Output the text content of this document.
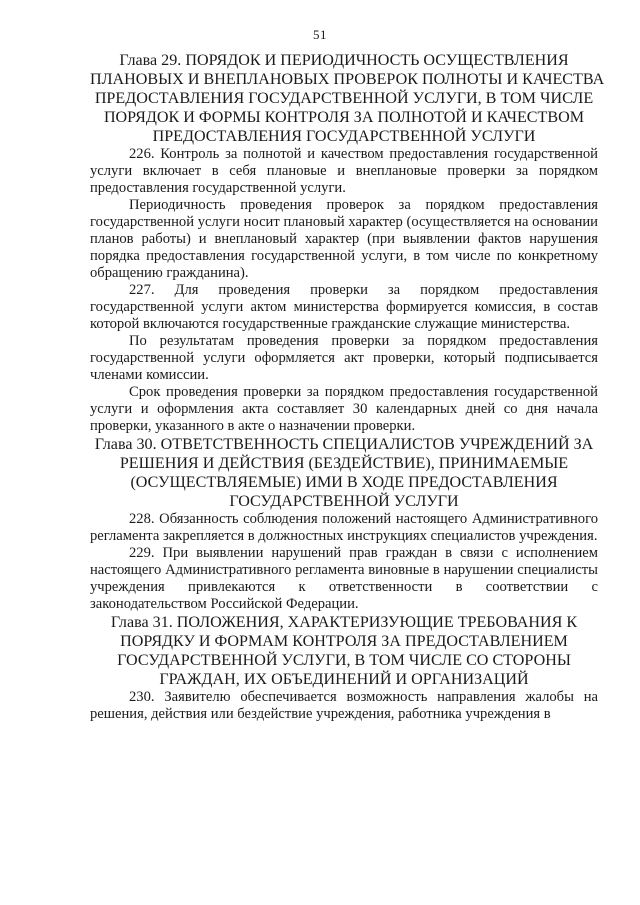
51
Глава 29. ПОРЯДОК И ПЕРИОДИЧНОСТЬ ОСУЩЕСТВЛЕНИЯ
ПЛАНОВЫХ И ВНЕПЛАНОВЫХ ПРОВЕРОК ПОЛНОТЫ И КАЧЕСТВА
ПРЕДОСТАВЛЕНИЯ ГОСУДАРСТВЕННОЙ УСЛУГИ, В ТОМ ЧИСЛЕ
ПОРЯДОК И ФОРМЫ КОНТРОЛЯ ЗА ПОЛНОТОЙ И КАЧЕСТВОМ
ПРЕДОСТАВЛЕНИЯ ГОСУДАРСТВЕННОЙ УСЛУГИ

226. Контроль за полнотой и качеством предоставления государственной услуги включает в себя плановые и внеплановые проверки за порядком предоставления государственной услуги.

Периодичность проведения проверок за порядком предоставления государственной услуги носит плановый характер (осуществляется на основании планов работы) и внеплановый характер (при выявлении фактов нарушения порядка предоставления государственной услуги, в том числе по конкретному обращению гражданина).

227. Для проведения проверки за порядком предоставления государственной услуги актом министерства формируется комиссия, в состав которой включаются государственные гражданские служащие министерства.

По результатам проведения проверки за порядком предоставления государственной услуги оформляется акт проверки, который подписывается членами комиссии.

Срок проведения проверки за порядком предоставления государственной услуги и оформления акта составляет 30 календарных дней со дня начала проверки, указанного в акте о назначении проверки.

Глава 30. ОТВЕТСТВЕННОСТЬ СПЕЦИАЛИСТОВ УЧРЕЖДЕНИЙ ЗА
РЕШЕНИЯ И ДЕЙСТВИЯ (БЕЗДЕЙСТВИЕ), ПРИНИМАЕМЫЕ
(ОСУЩЕСТВЛЯЕМЫЕ) ИМИ В ХОДЕ ПРЕДОСТАВЛЕНИЯ
ГОСУДАРСТВЕННОЙ УСЛУГИ

228. Обязанность соблюдения положений настоящего Административного регламента закрепляется в должностных инструкциях специалистов учреждения.

229. При выявлении нарушений прав граждан в связи с исполнением настоящего Административного регламента виновные в нарушении специалисты учреждения привлекаются к ответственности в соответствии с законодательством Российской Федерации.

Глава 31. ПОЛОЖЕНИЯ, ХАРАКТЕРИЗУЮЩИЕ ТРЕБОВАНИЯ К
ПОРЯДКУ И ФОРМАМ КОНТРОЛЯ ЗА ПРЕДОСТАВЛЕНИЕМ
ГОСУДАРСТВЕННОЙ УСЛУГИ, В ТОМ ЧИСЛЕ СО СТОРОНЫ
ГРАЖДАН, ИХ ОБЪЕДИНЕНИЙ И ОРГАНИЗАЦИЙ

230. Заявителю обеспечивается возможность направления жалобы на решения, действия или бездействие учреждения, работника учреждения в
